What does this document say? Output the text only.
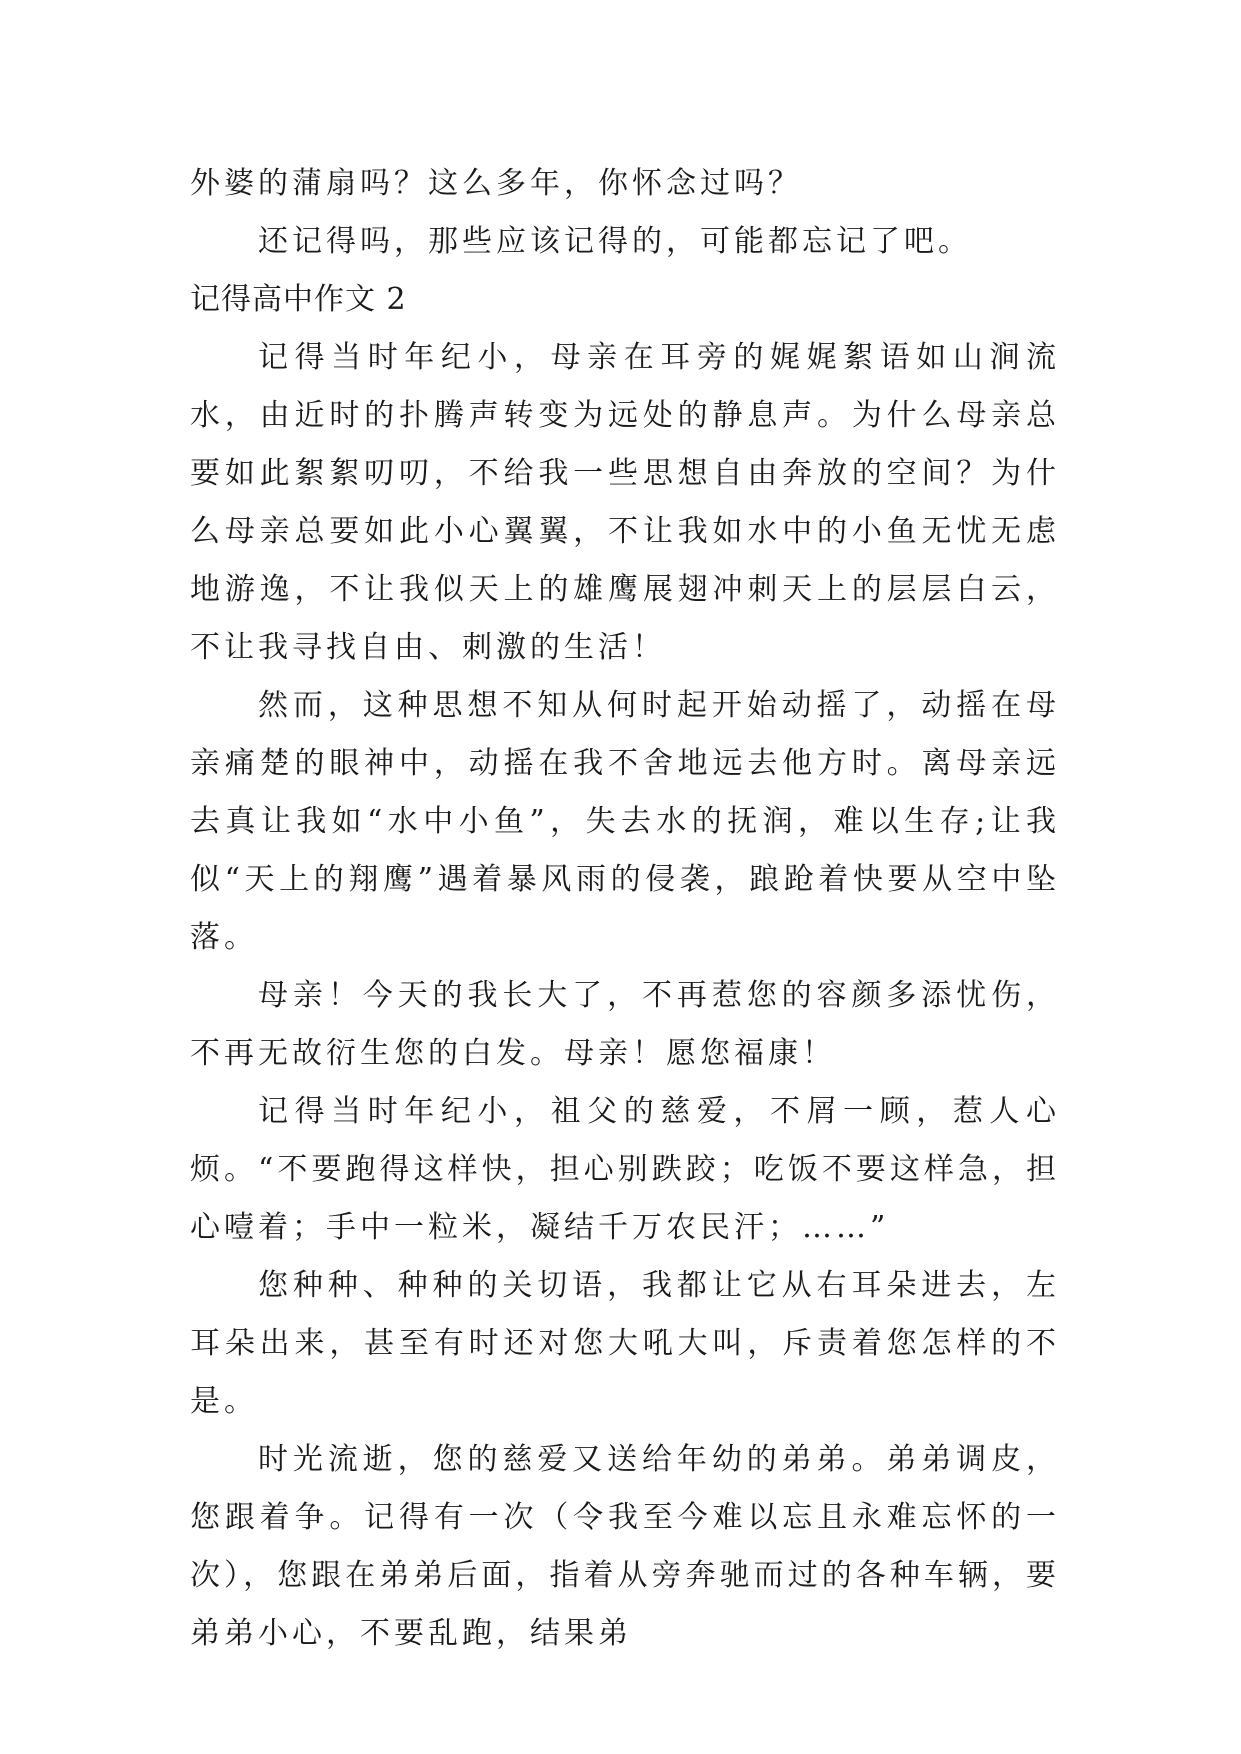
外婆的蒲扇吗？这么多年，你怀念过吗？

还记得吗，那些应该记得的，可能都忘记了吧。

记得高中作文 2

记得当时年纪小，母亲在耳旁的娓娓絮语如山涧流水，由近时的扑腾声转变为远处的静息声。为什么母亲总要如此絮絮叨叨，不给我一些思想自由奔放的空间？为什么母亲总要如此小心翼翼，不让我如水中的小鱼无忧无虑地游逸，不让我似天上的雄鹰展翅冲刺天上的层层白云，不让我寻找自由、刺激的生活！

然而，这种思想不知从何时起开始动摇了，动摇在母亲痛楚的眼神中，动摇在我不舍地远去他方时。离母亲远去真让我如“水中小鱼”，失去水的抚润，难以生存;让我似“天上的翔鹰”遇着暴风雨的侵袭，踉跄着快要从空中坠落。

母亲！今天的我长大了，不再惹您的容颜多添忧伤，不再无故衍生您的白发。母亲！愿您福康！

记得当时年纪小，祖父的慈爱，不屑一顾，惹人心烦。“不要跑得这样快，担心别跌跤；吃饭不要这样急，担心噎着；手中一粒米，凝结千万农民汗；……”

您种种、种种的关切语，我都让它从右耳朵进去，左耳朵出来，甚至有时还对您大吼大叫，斥责着您怎样的不是。

时光流逝，您的慈爱又送给年幼的弟弟。弟弟调皮，您跟着争。记得有一次（令我至今难以忘且永难忘怀的一次），您跟在弟弟后面，指着从旁奔驰而过的各种车辆，要弟弟小心，不要乱跑，结果弟
